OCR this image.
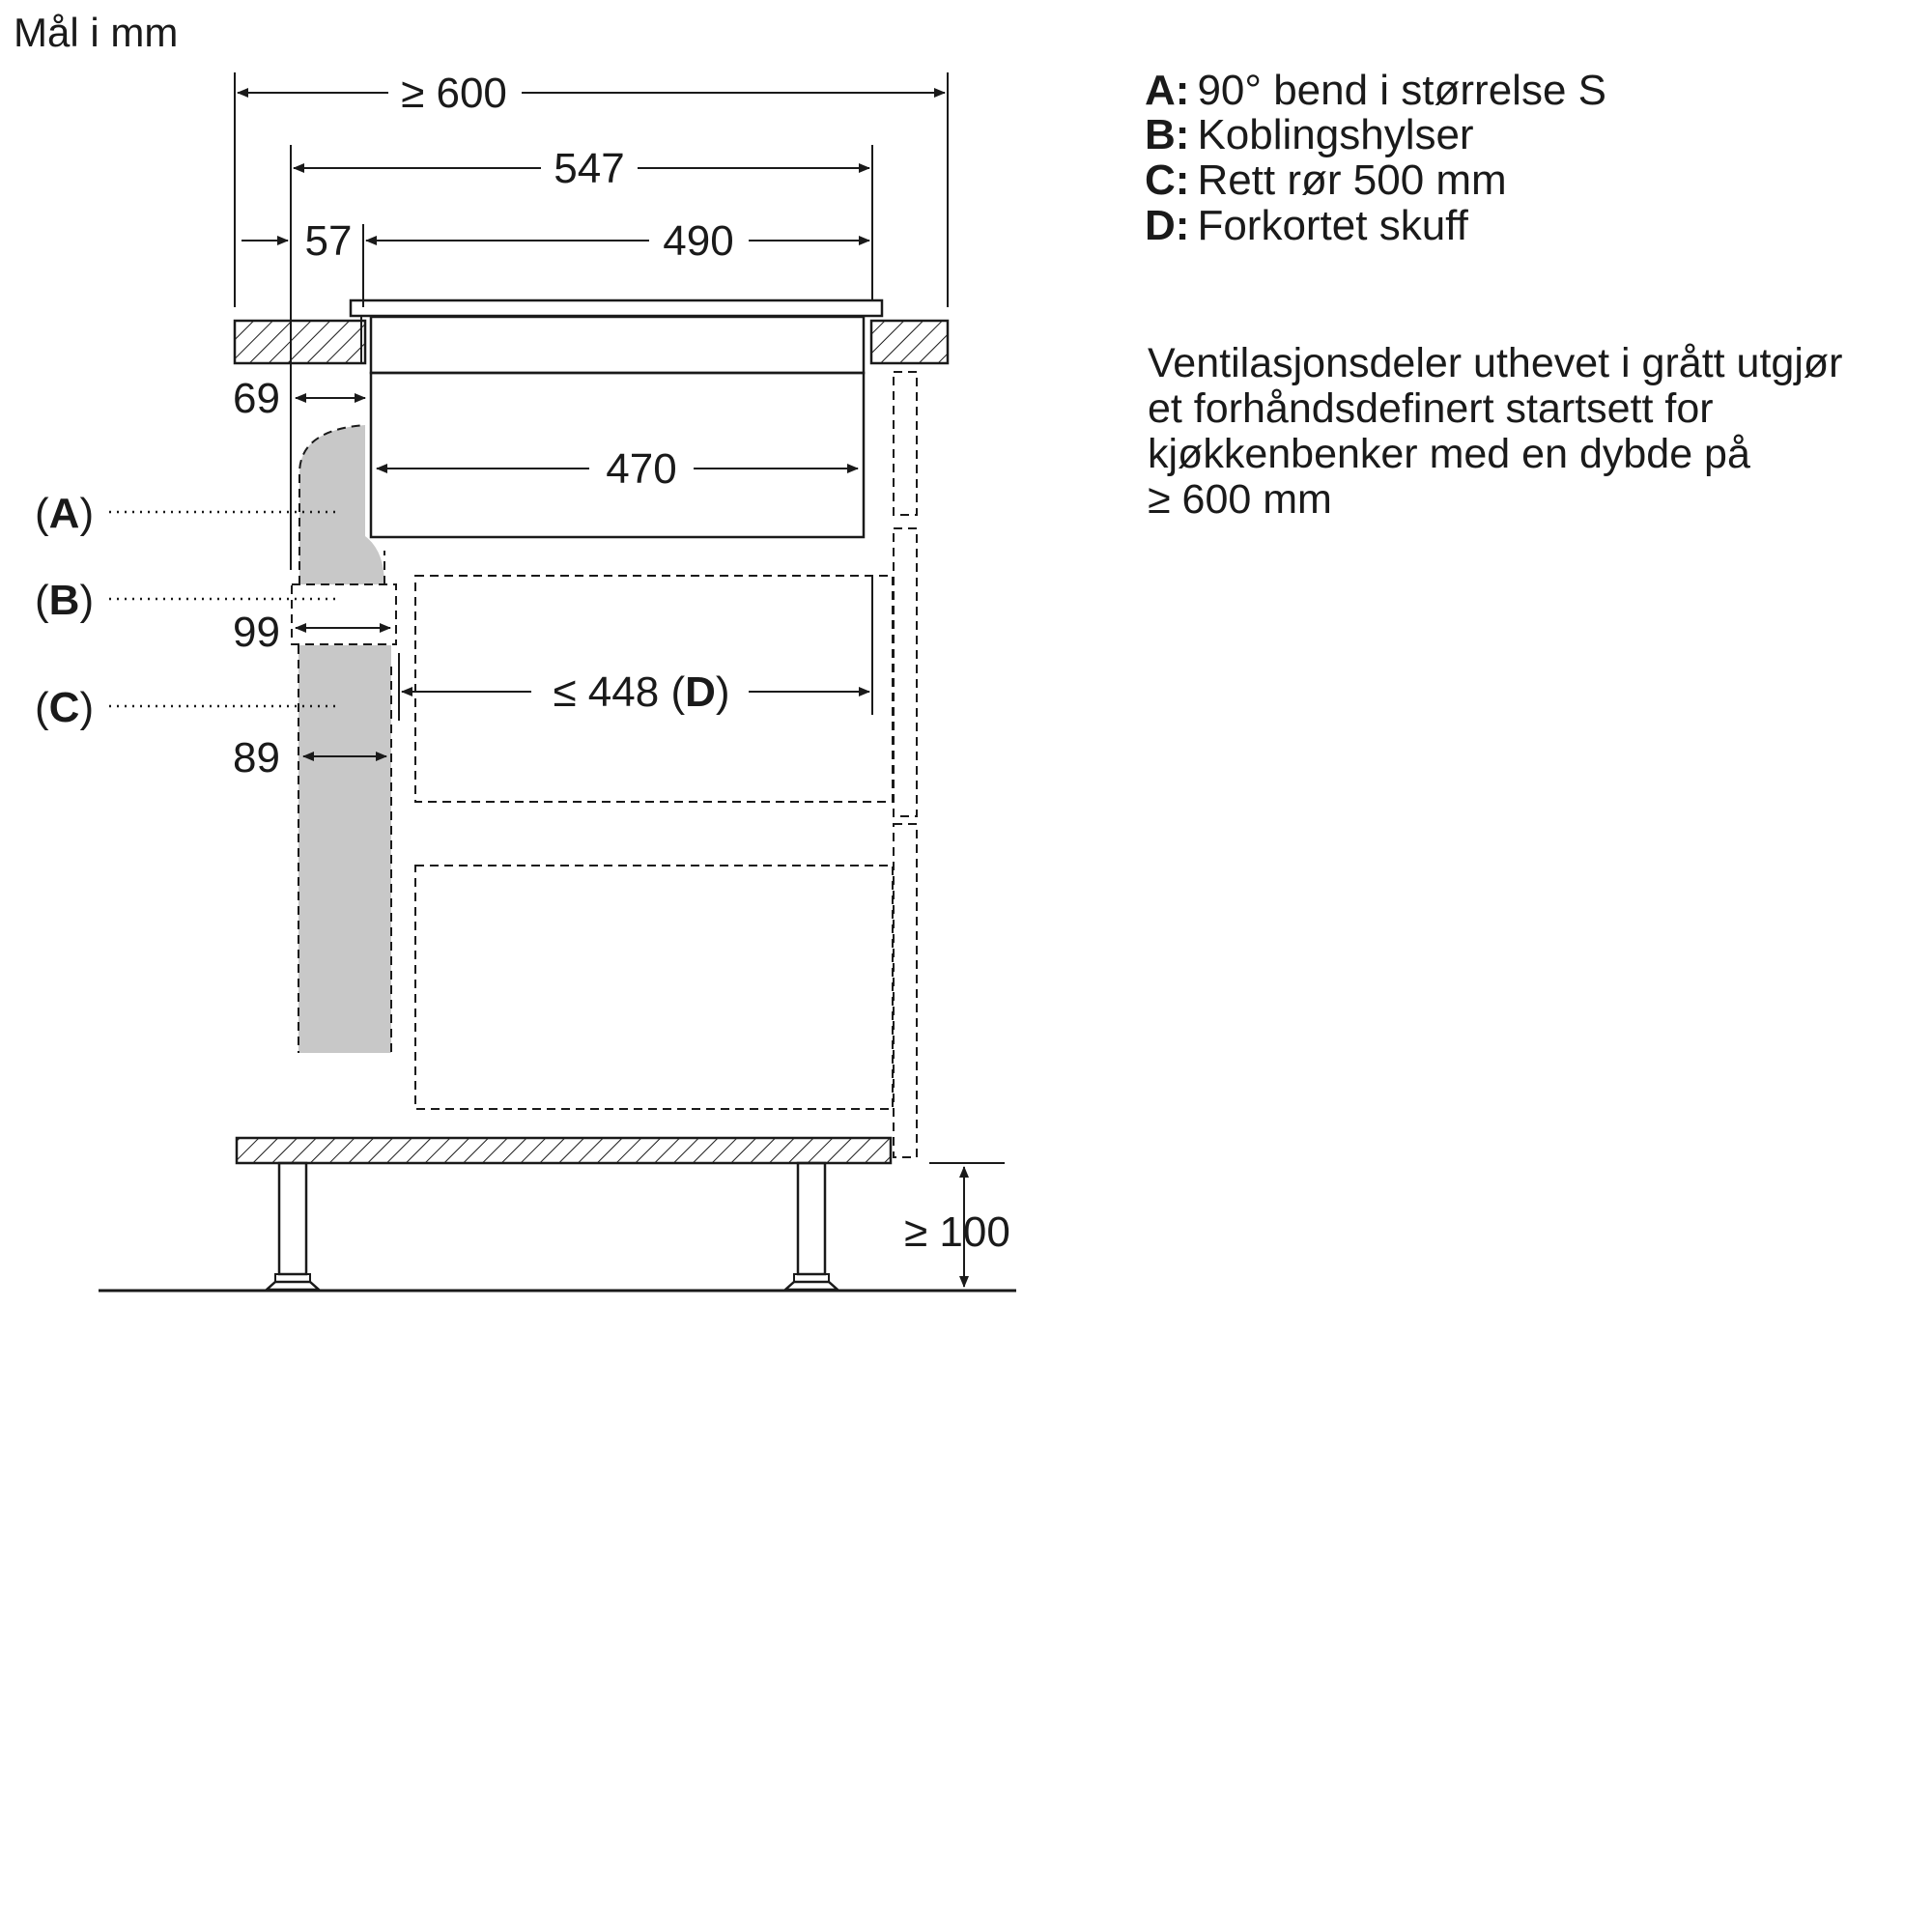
Mål i mm
≥ 600
547
57	490
470
69
99
89
(A)
(B)
(C)	≤ 448 (D)
≥ 100
A: 90° bend i størrelse S
B: Koblingshylser
C: Rett rør 500 mm
D: Forkortet skuff
Ventilasjonsdeler uthevet i grått utgjør
et forhåndsdefinert startsett for
kjøkkenbenker med en dybde på
≥ 600 mm
